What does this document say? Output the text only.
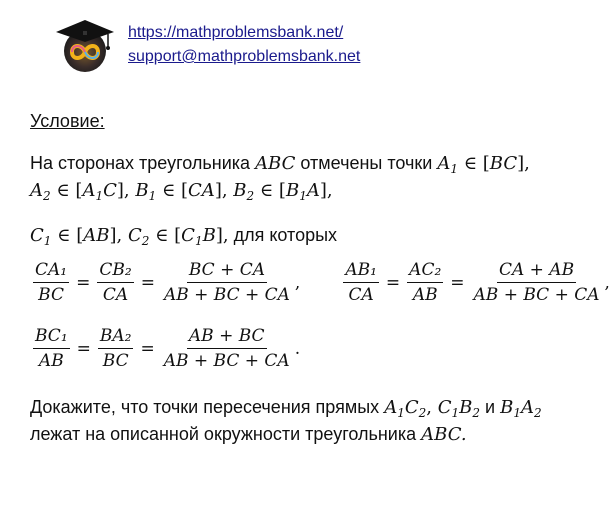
https://mathproblemsbank.net/
support@mathproblemsbank.net
Условие:
На сторонах треугольника ABC отмечены точки $A_1$ ∈ [BC],
$A_2$ ∈ $[A_1C]$, $B_1$ ∈ [CA], $B_2$ ∈ $[B_1A]$,
$C_1$ ∈ [AB], $C_2$ ∈ $[C_1B]$, для которых
$\frac{\text{CA₁}}{BC} = \frac{\text{CB₂}}{CA} = \frac{BC + CA}{AB + BC + CA}$ ,	$\frac{\text{AB₁}}{CA} = \frac{\text{AC₂}}{AB} = \frac{CA + AB}{AB + BC + CA}$ ,
$\frac{\text{BC₁}}{AB} = \frac{\text{BA₂}}{BC} = \frac{AB + BC}{AB + BC + CA}$ .
Докажите, что точки пересечения прямых $A_1C_2$, $C_1B_2$ и $B_1A_2$
лежат на описанной окружности треугольника ABC.
